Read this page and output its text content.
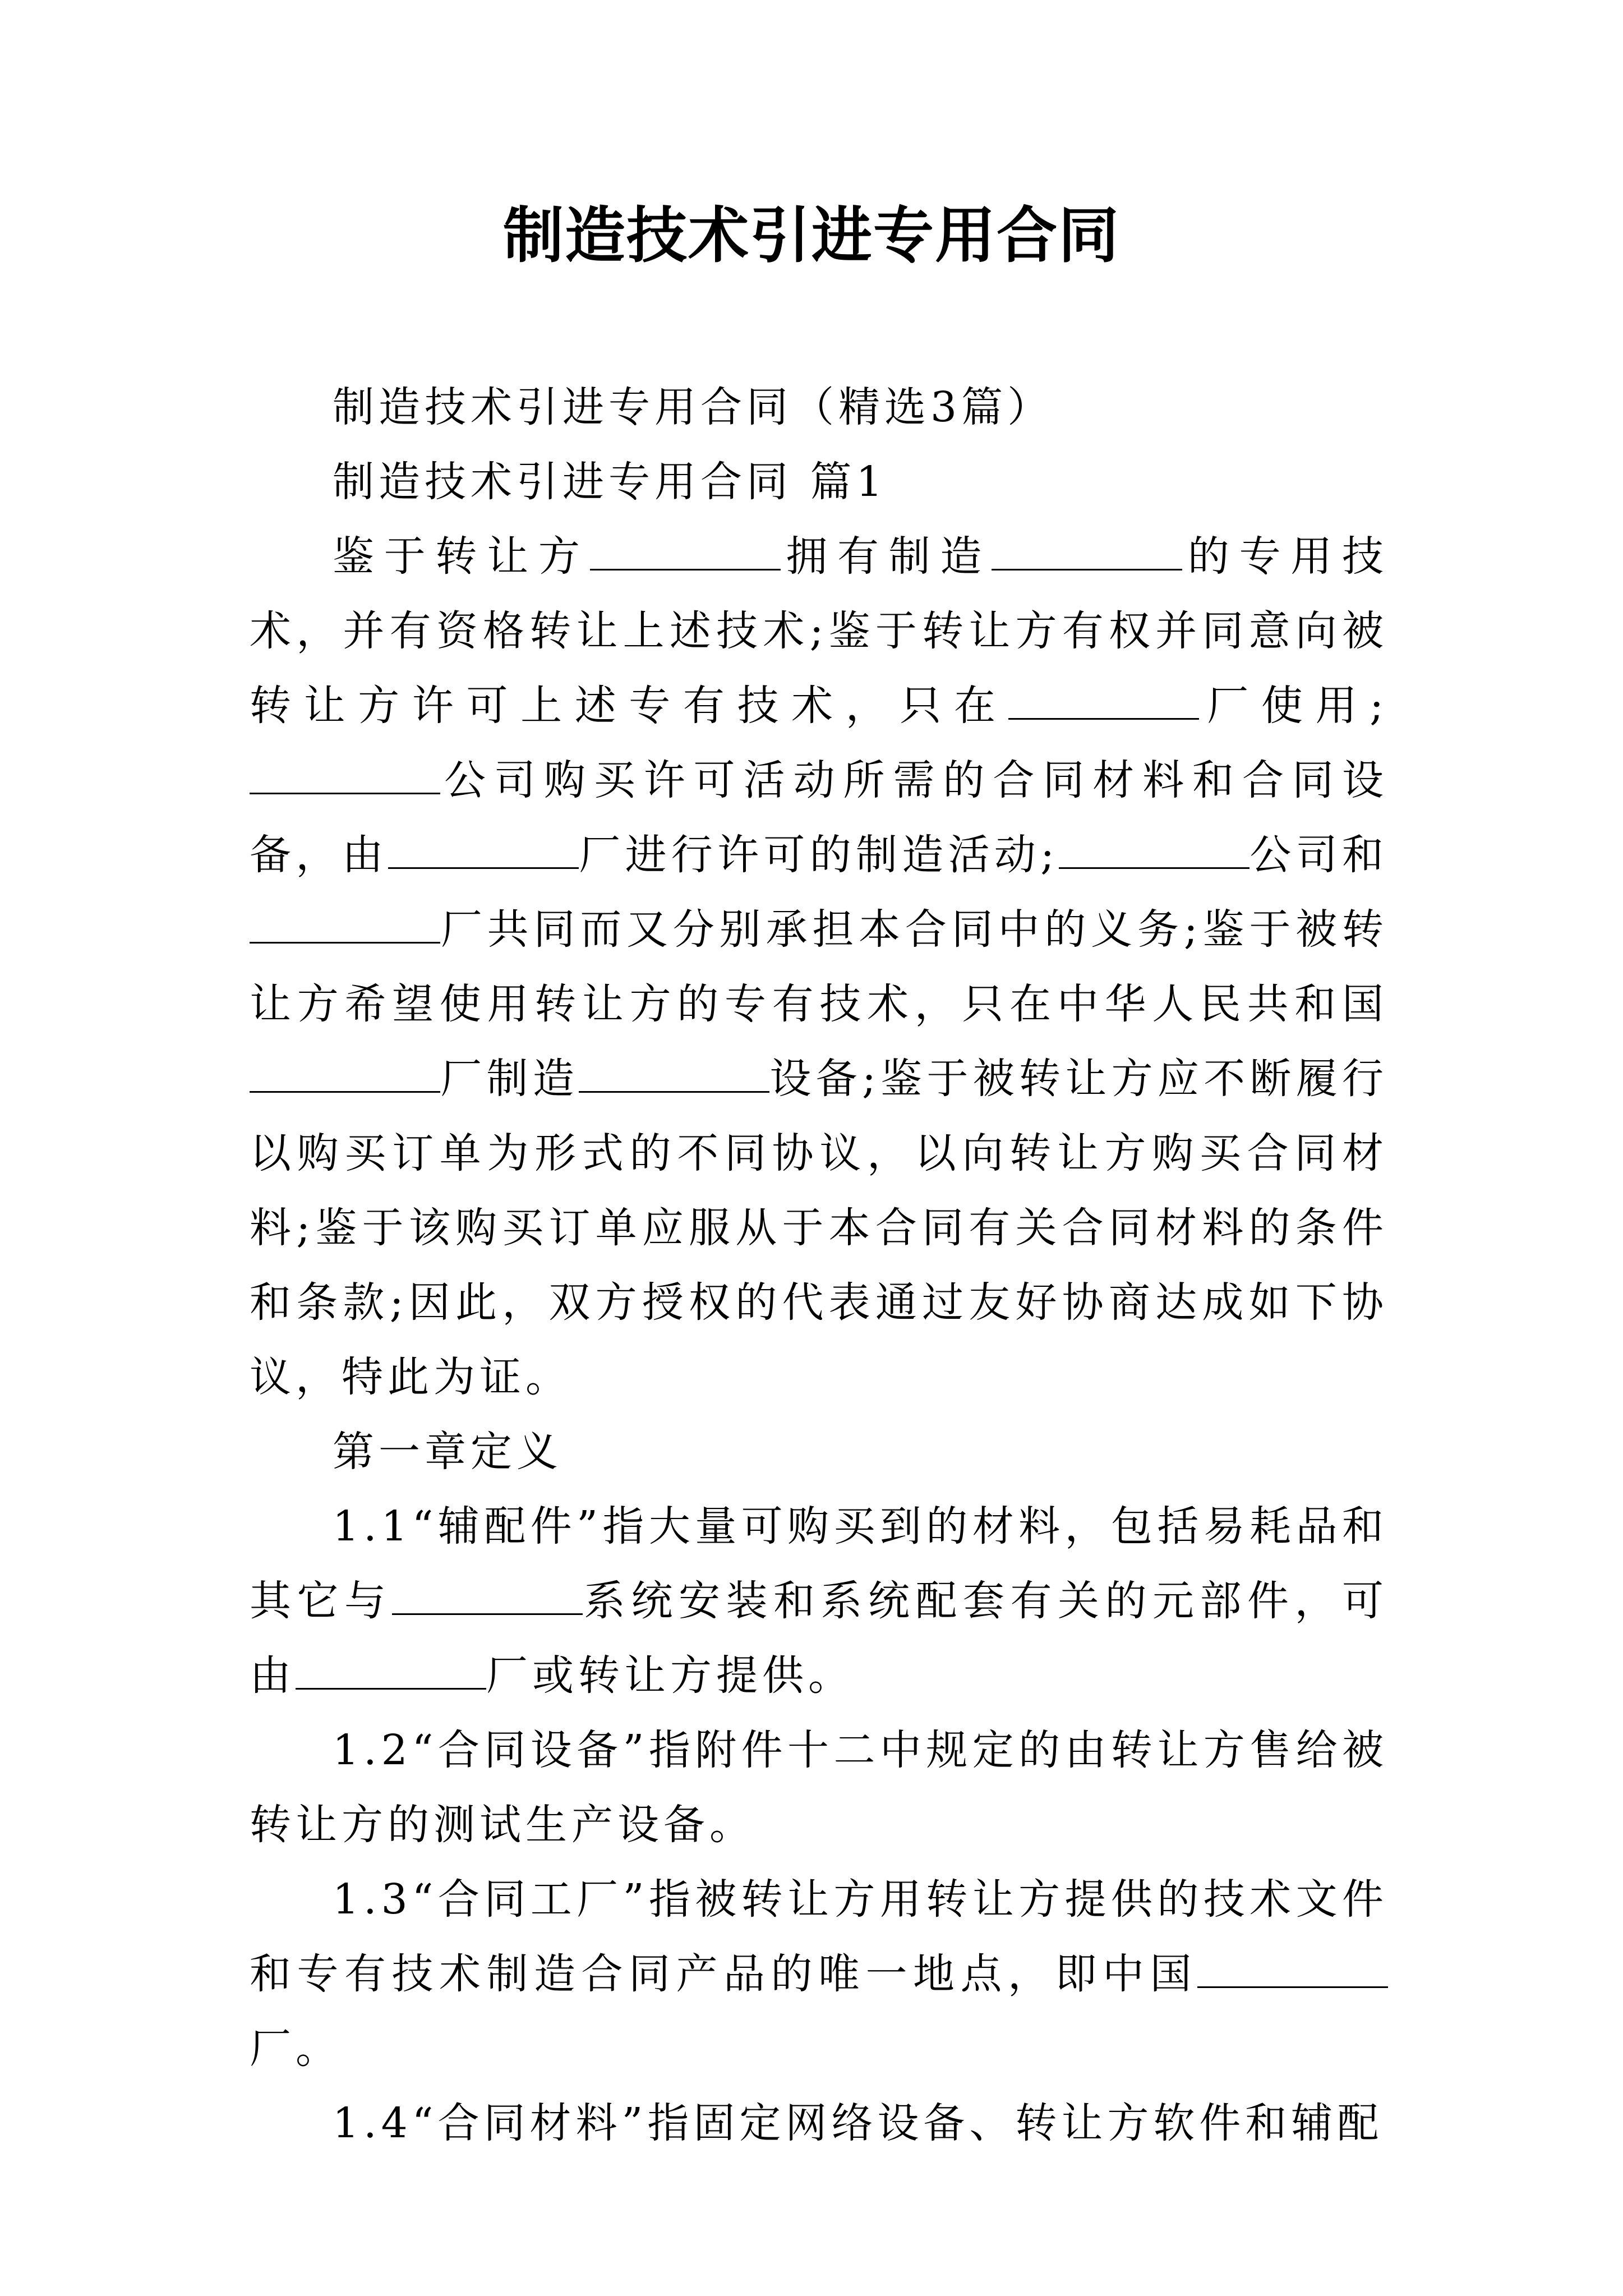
制造技术引进专用合同

制造技术引进专用合同（精选3篇）

制造技术引进专用合同 篇1

鉴于转让方	拥有制造	的专用技术，并有资格转让上述技术;鉴于转让方有权并同意向被转让方许可上述专有技术，只在	厂使用;公司购买许可活动所需的合同材料和合同设备，由	厂进行许可的制造活动;	公司和厂共同而又分别承担本合同中的义务;鉴于被转让方希望使用转让方的专有技术，只在中华人民共和国厂制造	设备;鉴于被转让方应不断履行以购买订单为形式的不同协议，以向转让方购买合同材料;鉴于该购买订单应服从于本合同有关合同材料的条件和条款;因此，双方授权的代表通过友好协商达成如下协议，特此为证。

第一章定义

1.1“辅配件”指大量可购买到的材料，包括易耗品和其它与	系统安装和系统配套有关的元部件，可由	厂或转让方提供。

1.2“合同设备”指附件十二中规定的由转让方售给被转让方的测试生产设备。

1.3“合同工厂”指被转让方用转让方提供的技术文件和专有技术制造合同产品的唯一地点，即中国厂。

1.4“合同材料”指固定网络设备、转让方软件和辅配
